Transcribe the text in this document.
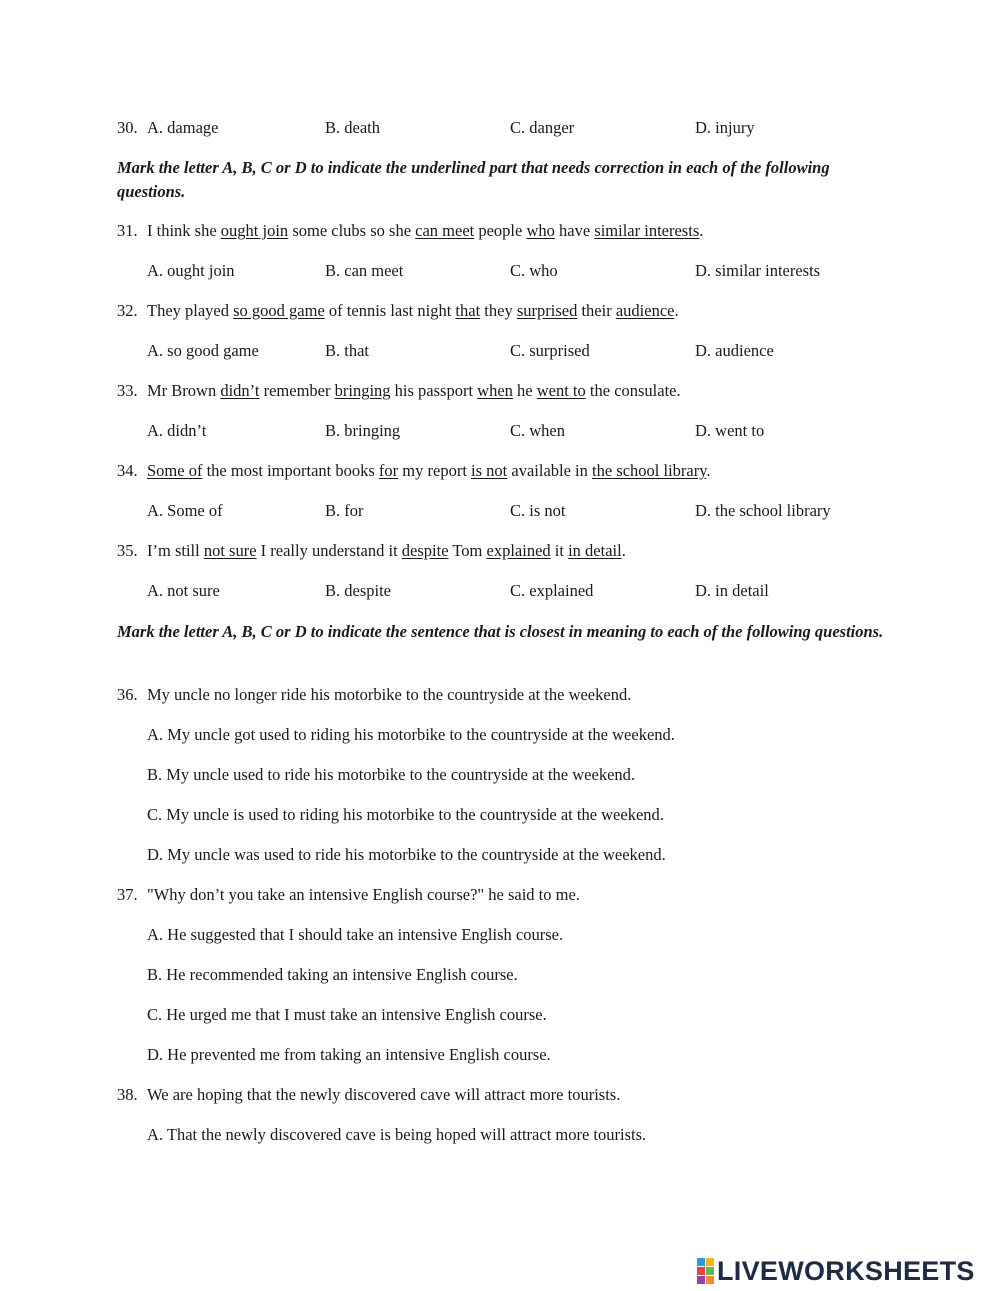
30. A. damage	B. death	C. danger	D. injury
Mark the letter A, B, C or D to indicate the underlined part that needs correction in each of the following questions.
31. I think she ought join some clubs so she can meet people who have similar interests.
A. ought join	B. can meet	C. who	D. similar interests
32. They played so good game of tennis last night that they surprised their audience.
A. so good game	B. that	C. surprised	D. audience
33. Mr Brown didn’t remember bringing his passport when he went to the consulate.
A. didn’t	B. bringing	C. when	D. went to
34. Some of the most important books for my report is not available in the school library.
A. Some of	B. for	C. is not	D. the school library
35. I’m still not sure I really understand it despite Tom explained it in detail.
A. not sure	B. despite	C. explained	D. in detail
Mark the letter A, B, C or D to indicate the sentence that is closest in meaning to each of the following questions.
36. My uncle no longer ride his motorbike to the countryside at the weekend.
A. My uncle got used to riding his motorbike to the countryside at the weekend.
B. My uncle used to ride his motorbike to the countryside at the weekend.
C. My uncle is used to riding his motorbike to the countryside at the weekend.
D. My uncle was used to ride his motorbike to the countryside at the weekend.
37. "Why don’t you take an intensive English course?" he said to me.
A. He suggested that I should take an intensive English course.
B. He recommended taking an intensive English course.
C. He urged me that I must take an intensive English course.
D. He prevented me from taking an intensive English course.
38. We are hoping that the newly discovered cave will attract more tourists.
A. That the newly discovered cave is being hoped will attract more tourists.
LIVEWORKSHEETS
